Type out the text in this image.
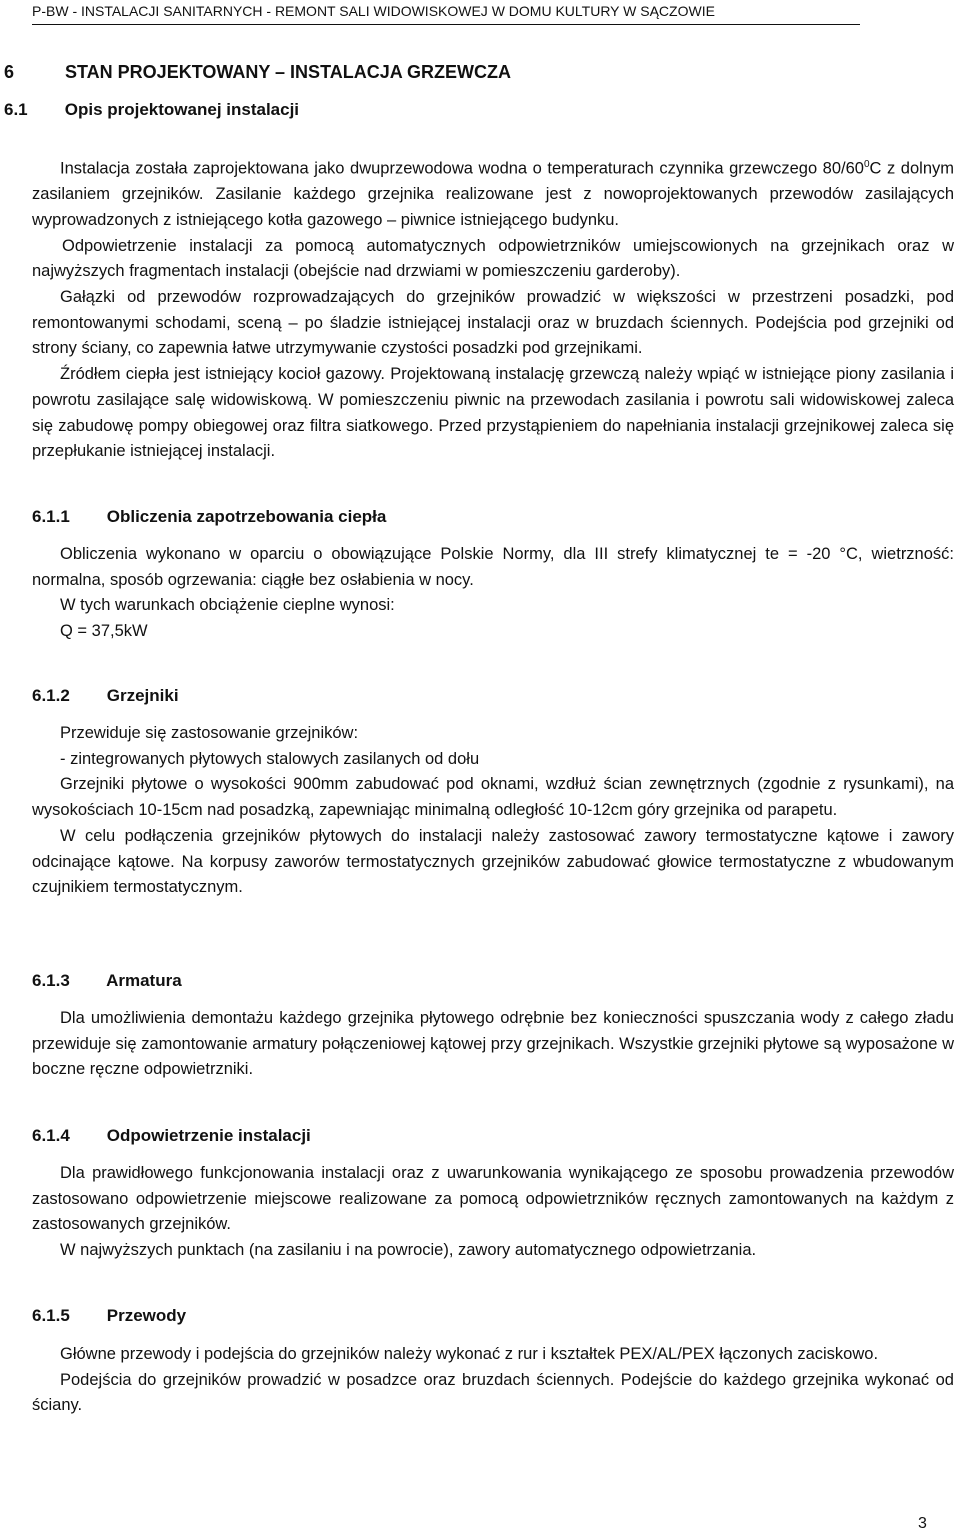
P-BW - INSTALACJI SANITARNYCH - REMONT SALI WIDOWISKOWEJ W DOMU KULTURY W SĄCZOWIE
6	STAN PROJEKTOWANY – INSTALACJA GRZEWCZA
6.1 Opis projektowanej instalacji

Instalacja została zaprojektowana jako dwuprzewodowa wodna o temperaturach czynnika grzewczego $80/60^0C$ z dolnym zasilaniem grzejników. Zasilanie każdego grzejnika realizowane jest z nowoprojektowanych przewodów zasilających wyprowadzonych z istniejącego kotła gazowego – piwnice istniejącego budynku.

Odpowietrzenie instalacji za pomocą automatycznych odpowietrzników umiejscowionych na grzejnikach oraz w najwyższych fragmentach instalacji (obejście nad drzwiami w pomieszczeniu garderoby).

Gałązki od przewodów rozprowadzających do grzejników prowadzić w większości w przestrzeni posadzki, pod remontowanymi schodami, sceną – po śladzie istniejącej instalacji oraz w bruzdach ściennych. Podejścia pod grzejniki od strony ściany, co zapewnia łatwe utrzymywanie czystości posadzki pod grzejnikami.

Źródłem ciepła jest istniejący kocioł gazowy. Projektowaną instalację grzewczą należy wpiąć w istniejące piony zasilania i powrotu zasilające salę widowiskową. W pomieszczeniu piwnic na przewodach zasilania i powrotu sali widowiskowej zaleca się zabudowę pompy obiegowej oraz filtra siatkowego. Przed przystąpieniem do napełniania instalacji grzejnikowej zaleca się przepłukanie istniejącej instalacji.

6.1.1 Obliczenia zapotrzebowania ciepła

Obliczenia wykonano w oparciu o obowiązujące Polskie Normy, dla III strefy klimatycznej te = -20 °C, wietrzność: normalna, sposób ogrzewania: ciągłe bez osłabienia w nocy.

W tych warunkach obciążenie cieplne wynosi:

Q = 37,5kW

6.1.2 Grzejniki

Przewiduje się zastosowanie grzejników:

- zintegrowanych płytowych stalowych zasilanych od dołu

Grzejniki płytowe o wysokości 900mm zabudować pod oknami, wzdłuż ścian zewnętrznych (zgodnie z rysunkami), na wysokościach 10-15cm nad posadzką, zapewniając minimalną odległość 10-12cm góry grzejnika od parapetu.

W celu podłączenia grzejników płytowych do instalacji należy zastosować zawory termostatyczne kątowe i zawory odcinające kątowe. Na korpusy zaworów termostatycznych grzejników zabudować głowice termostatyczne z wbudowanym czujnikiem termostatycznym.

6.1.3 Armatura

Dla umożliwienia demontażu każdego grzejnika płytowego odrębnie bez konieczności spuszczania wody z całego zładu przewiduje się zamontowanie armatury połączeniowej kątowej przy grzejnikach. Wszystkie grzejniki płytowe są wyposażone w boczne ręczne odpowietrzniki.

6.1.4 Odpowietrzenie instalacji

Dla prawidłowego funkcjonowania instalacji oraz z uwarunkowania wynikającego ze sposobu prowadzenia przewodów zastosowano odpowietrzenie miejscowe realizowane za pomocą odpowietrzników ręcznych zamontowanych na każdym z zastosowanych grzejników.

W najwyższych punktach (na zasilaniu i na powrocie), zawory automatycznego odpowietrzania.

6.1.5 Przewody

Główne przewody i podejścia do grzejników należy wykonać z rur i kształtek PEX/AL/PEX łączonych zaciskowo.

Podejścia do grzejników prowadzić w posadzce oraz bruzdach ściennych. Podejście do każdego grzejnika wykonać od ściany.

3
